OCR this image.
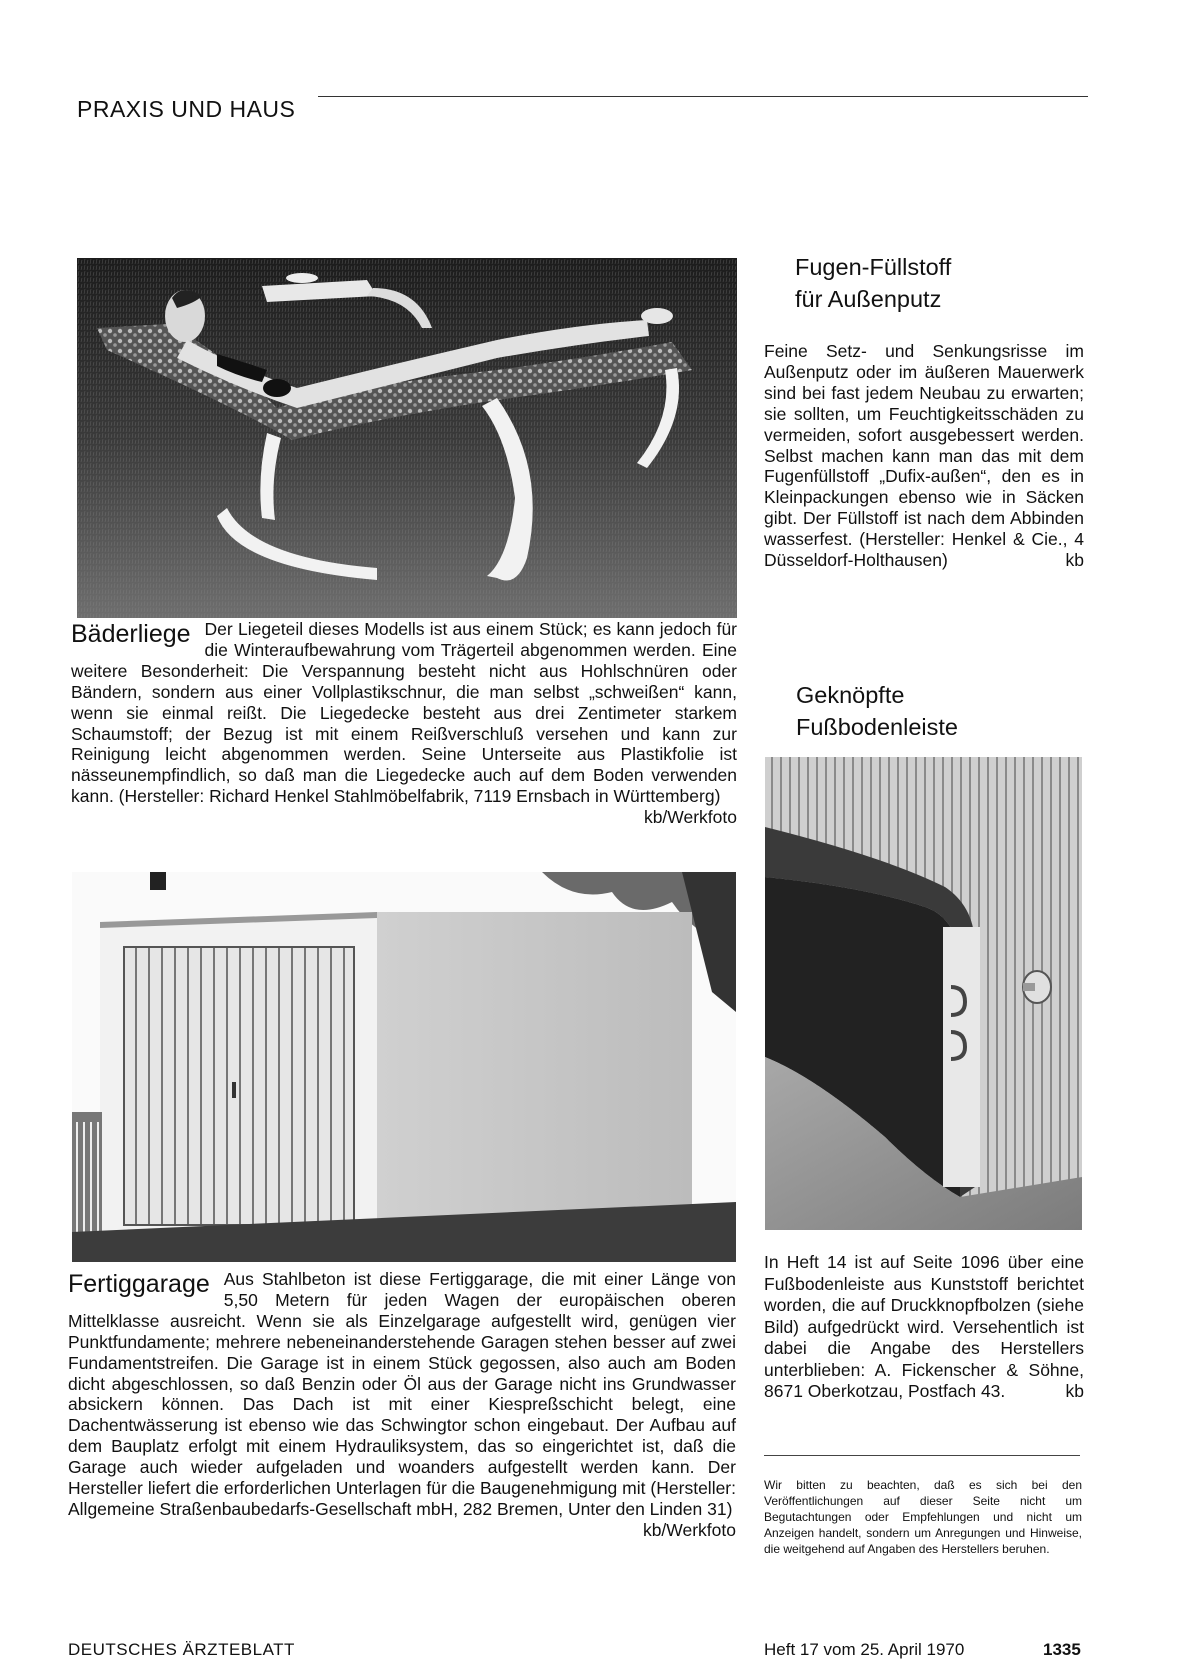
PRAXIS UND HAUS
Bäderliege Der Liegeteil dieses Modells ist aus einem Stück; es kann jedoch für die Winteraufbewahrung vom Trägerteil abgenommen werden. Eine weitere Besonderheit: Die Verspannung besteht nicht aus Hohlschnüren oder Bändern, sondern aus einer Vollplastikschnur, die man selbst „schweißen“ kann, wenn sie einmal reißt. Die Liegedecke besteht aus drei Zentimeter starkem Schaumstoff; der Bezug ist mit einem Reißverschluß versehen und kann zur Reinigung leicht abgenommen werden. Seine Unterseite aus Plastikfolie ist nässeunempfindlich, so daß man die Liegedecke auch auf dem Boden verwenden kann. (Hersteller: Richard Henkel Stahlmöbelfabrik, 7119 Ernsbach in Württemberg)
kb/Werkfoto
Fertiggarage Aus Stahlbeton ist diese Fertiggarage, die mit einer Länge von 5,50 Metern für jeden Wagen der europäischen oberen Mittelklasse ausreicht. Wenn sie als Einzelgarage aufgestellt wird, genügen vier Punktfundamente; mehrere nebeneinanderstehende Garagen stehen besser auf zwei Fundamentstreifen. Die Garage ist in einem Stück gegossen, also auch am Boden dicht abgeschlossen, so daß Benzin oder Öl aus der Garage nicht ins Grundwasser absickern können. Das Dach ist mit einer Kiespreßschicht belegt, eine Dachentwässerung ist ebenso wie das Schwingtor schon eingebaut. Der Aufbau auf dem Bauplatz erfolgt mit einem Hydrauliksystem, das so eingerichtet ist, daß die Garage auch wieder aufgeladen und woanders aufgestellt werden kann. Der Hersteller liefert die erforderlichen Unterlagen für die Baugenehmigung mit (Hersteller: Allgemeine Straßenbaubedarfs-Gesellschaft mbH, 282 Bremen, Unter den Linden 31)
kb/Werkfoto
Fugen-Füllstoff
für Außenputz
Feine Setz- und Senkungsrisse im Außenputz oder im äußeren Mauerwerk sind bei fast jedem Neubau zu erwarten; sie sollten, um Feuchtigkeitsschäden zu vermeiden, sofort ausgebessert werden. Selbst machen kann man das mit dem Fugenfüllstoff „Dufix-außen“, den es in Kleinpackungen ebenso wie in Säcken gibt. Der Füllstoff ist nach dem Abbinden wasserfest. (Hersteller: Henkel & Cie., 4 Düsseldorf-Holthausen)	kb
Geknöpfte
Fußbodenleiste
In Heft 14 ist auf Seite 1096 über eine Fußbodenleiste aus Kunststoff berichtet worden, die auf Druckknopfbolzen (siehe Bild) aufgedrückt wird. Versehentlich ist dabei die Angabe des Herstellers unterblieben: A. Fickenscher & Söhne, 8671 Oberkotzau, Postfach 43.	kb
Wir bitten zu beachten, daß es sich bei den Veröffentlichungen auf dieser Seite nicht um Begutachtungen oder Empfehlungen und nicht um Anzeigen handelt, sondern um Anregungen und Hinweise, die weitgehend auf Angaben des Herstellers beruhen.
DEUTSCHES ÄRZTEBLATT	Heft 17 vom 25. April 1970	1335
